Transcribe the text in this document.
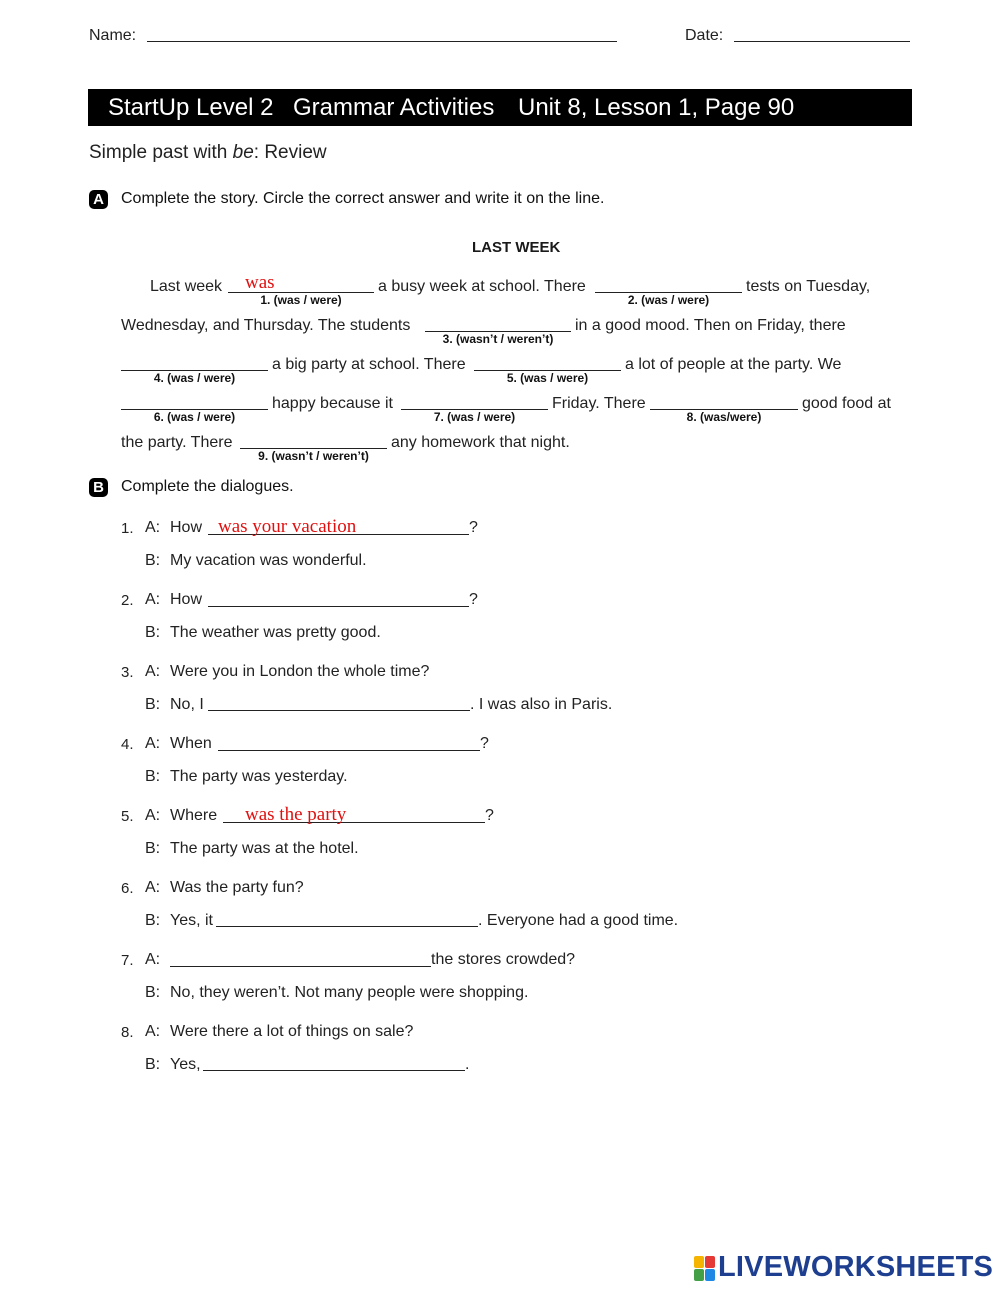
Name:	Date:

StartUp Level 2

Grammar Activities

Unit 8, Lesson 1, Page 90

Simple past with be: Review
A Complete the story. Circle the correct answer and write it on the line.
LAST WEEK
Last week was
1. (was / were)
a busy week at school. There
2. (was / were)
tests on Tuesday,
Wednesday, and Thursday. The students
3. (wasn’t / weren’t)
in a good mood. Then on Friday, there
4. (was / were)
a big party at school. There
5. (was / were)
a lot of people at the party. We
6. (was / were)
happy because it
7. (was / were)
Friday. There
8. (was/were)
good food at
the party. There
9. (wasn’t / weren’t)
any homework that night.
B Complete the dialogues.
1. A: How was your vacation	?
B: My vacation was wonderful.
2. A: How	?
B: The weather was pretty good.
3. A: Were you in London the whole time?
B: No, I	. I was also in Paris.
4. A: When	?
B: The party was yesterday.
5. A: Where was the party	?
B: The party was at the hotel.
6. A: Was the party fun?
B: Yes, it	. Everyone had a good time.
7. A:	the stores crowded?
B: No, they weren’t. Not many people were shopping.
8. A: Were there a lot of things on sale?
B: Yes,	.
LIVEWORKSHEETS
